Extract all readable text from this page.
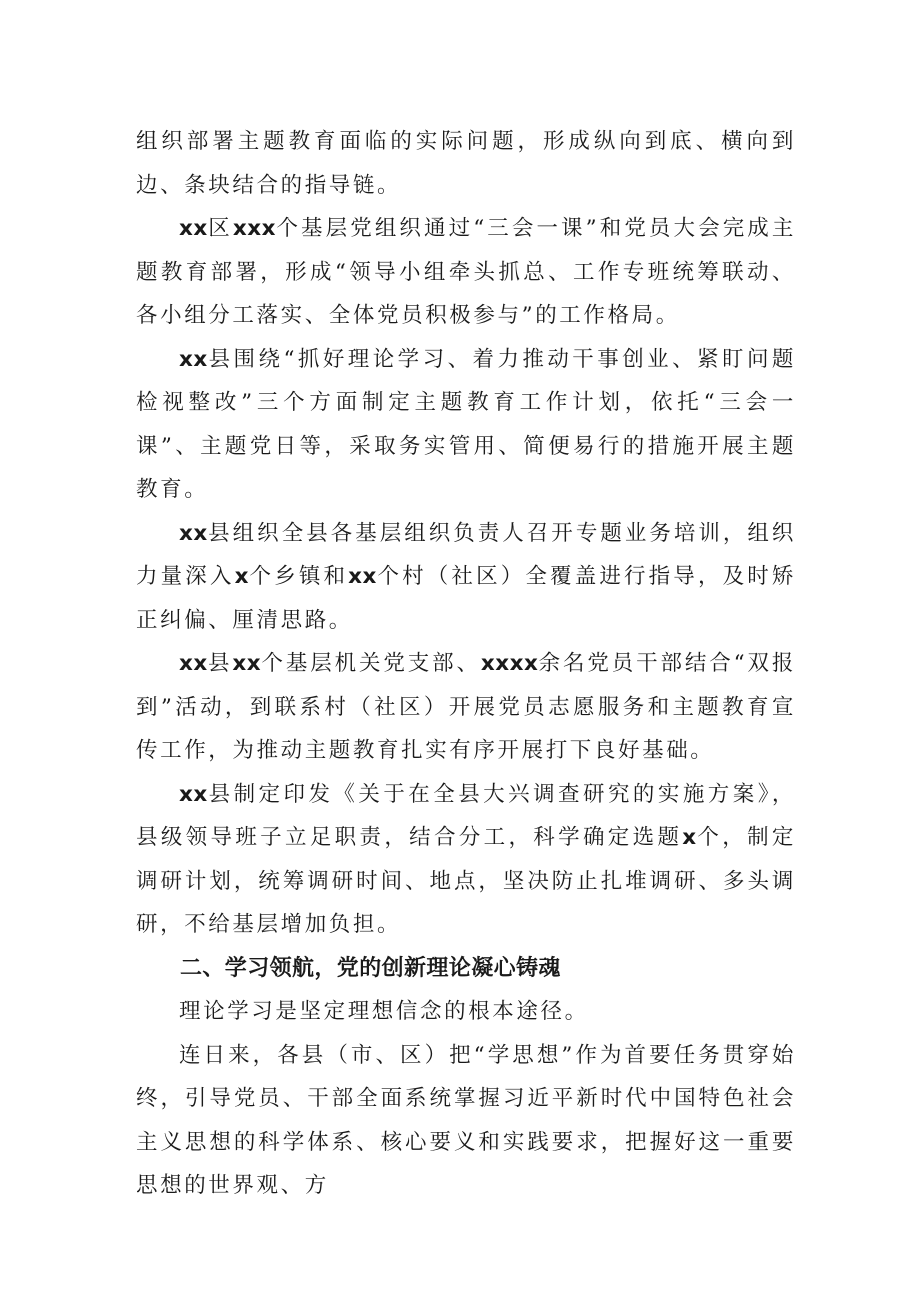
组织部署主题教育面临的实际问题，形成纵向到底、横向到边、条块结合的指导链。

xx区xxx个基层党组织通过“三会一课”和党员大会完成主题教育部署，形成“领导小组牵头抓总、工作专班统筹联动、各小组分工落实、全体党员积极参与”的工作格局。

xx县围绕“抓好理论学习、着力推动干事创业、紧盯问题检视整改”三个方面制定主题教育工作计划，依托“三会一课”、主题党日等，采取务实管用、简便易行的措施开展主题教育。

xx县组织全县各基层组织负责人召开专题业务培训，组织力量深入x个乡镇和xx个村（社区）全覆盖进行指导，及时矫正纠偏、厘清思路。

xx县xx个基层机关党支部、xxxx余名党员干部结合“双报到”活动，到联系村（社区）开展党员志愿服务和主题教育宣传工作，为推动主题教育扎实有序开展打下良好基础。

xx县制定印发《关于在全县大兴调查研究的实施方案》，县级领导班子立足职责，结合分工，科学确定选题x个，制定调研计划，统筹调研时间、地点，坚决防止扎堆调研、多头调研，不给基层增加负担。

二、学习领航，党的创新理论凝心铸魂

理论学习是坚定理想信念的根本途径。

连日来，各县（市、区）把“学思想”作为首要任务贯穿始终，引导党员、干部全面系统掌握习近平新时代中国特色社会主义思想的科学体系、核心要义和实践要求，把握好这一重要思想的世界观、方
